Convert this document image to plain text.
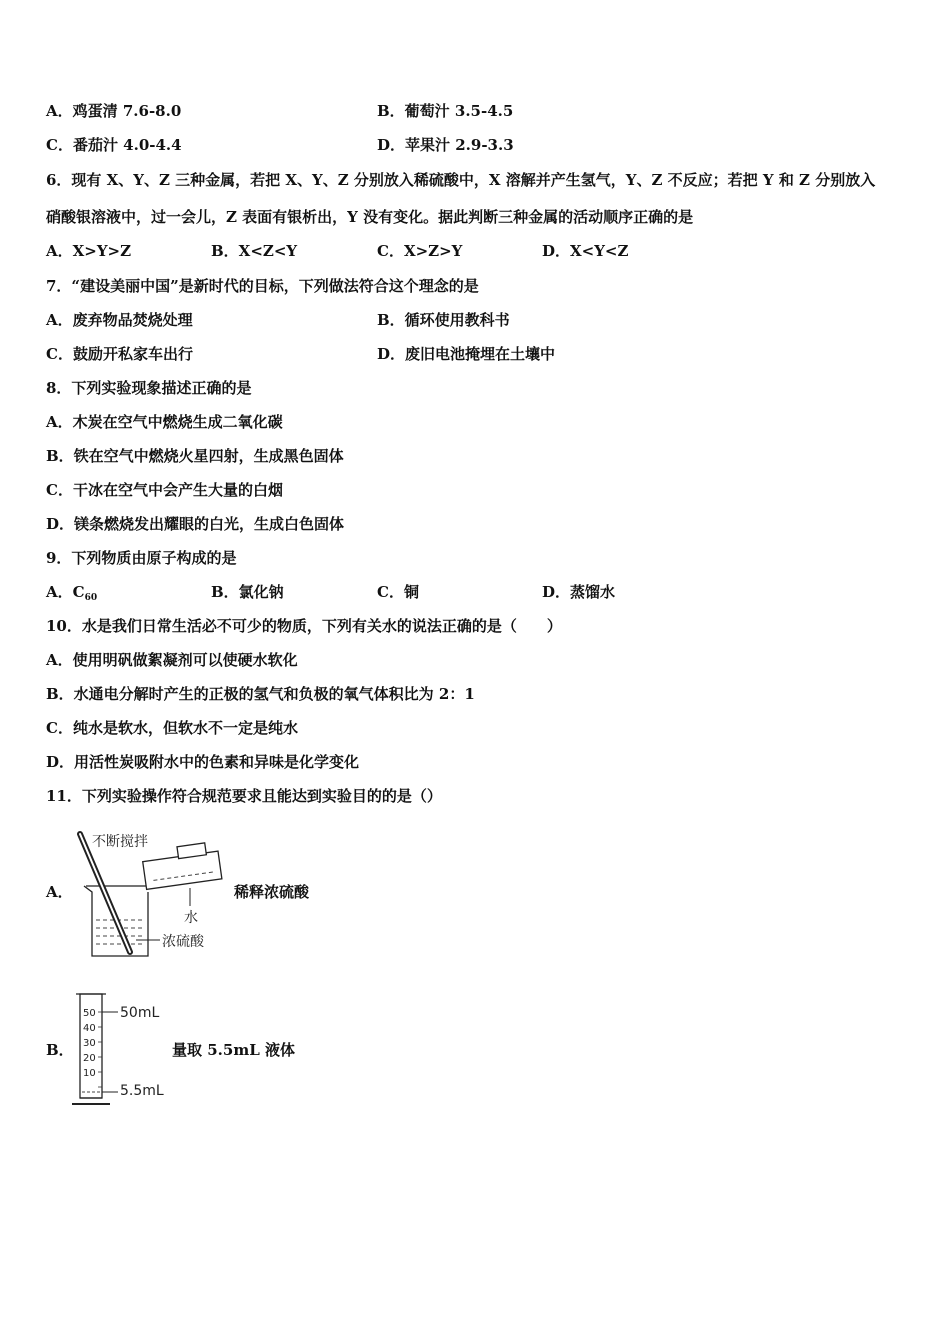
A．鸡蛋清 7.6-8.0	B．葡萄汁 3.5-4.5
C．番茄汁 4.0-4.4	D．苹果汁 2.9-3.3
6．现有 X、Y、Z 三种金属，若把 X、Y、Z 分别放入稀硫酸中，X 溶解并产生氢气，Y、Z 不反应；若把 Y 和 Z 分别放入
硝酸银溶液中，过一会儿，Z 表面有银析出，Y 没有变化。据此判断三种金属的活动顺序正确的是
A．X>Y>Z	B．X<Z<Y	C．X>Z>Y	D．X<Y<Z
7．“建设美丽中国”是新时代的目标，下列做法符合这个理念的是
A．废弃物品焚烧处理	B．循环使用教科书
C．鼓励开私家车出行	D．废旧电池掩埋在土壤中
8．下列实验现象描述正确的是
A．木炭在空气中燃烧生成二氧化碳
B．铁在空气中燃烧火星四射，生成黑色固体
C．干冰在空气中会产生大量的白烟
D．镁条燃烧发出耀眼的白光，生成白色固体
9．下列物质由原子构成的是
A．$C_{60}$	B．氯化钠	C．铜	D．蒸馏水
10．水是我们日常生活必不可少的物质，下列有关水的说法正确的是（　　）
A．使用明矾做絮凝剂可以使硬水软化
B．水通电分解时产生的正极的氢气和负极的氧气体积比为 2：1
C．纯水是软水，但软水不一定是纯水
D．用活性炭吸附水中的色素和异味是化学变化
11．下列实验操作符合规范要求且能达到实验目的的是（）
A．
不断搅拌
水
浓硫酸
稀释浓硫酸
B．
50
40
30
20
10
50mL
5.5mL
量取 5.5mL 液体
